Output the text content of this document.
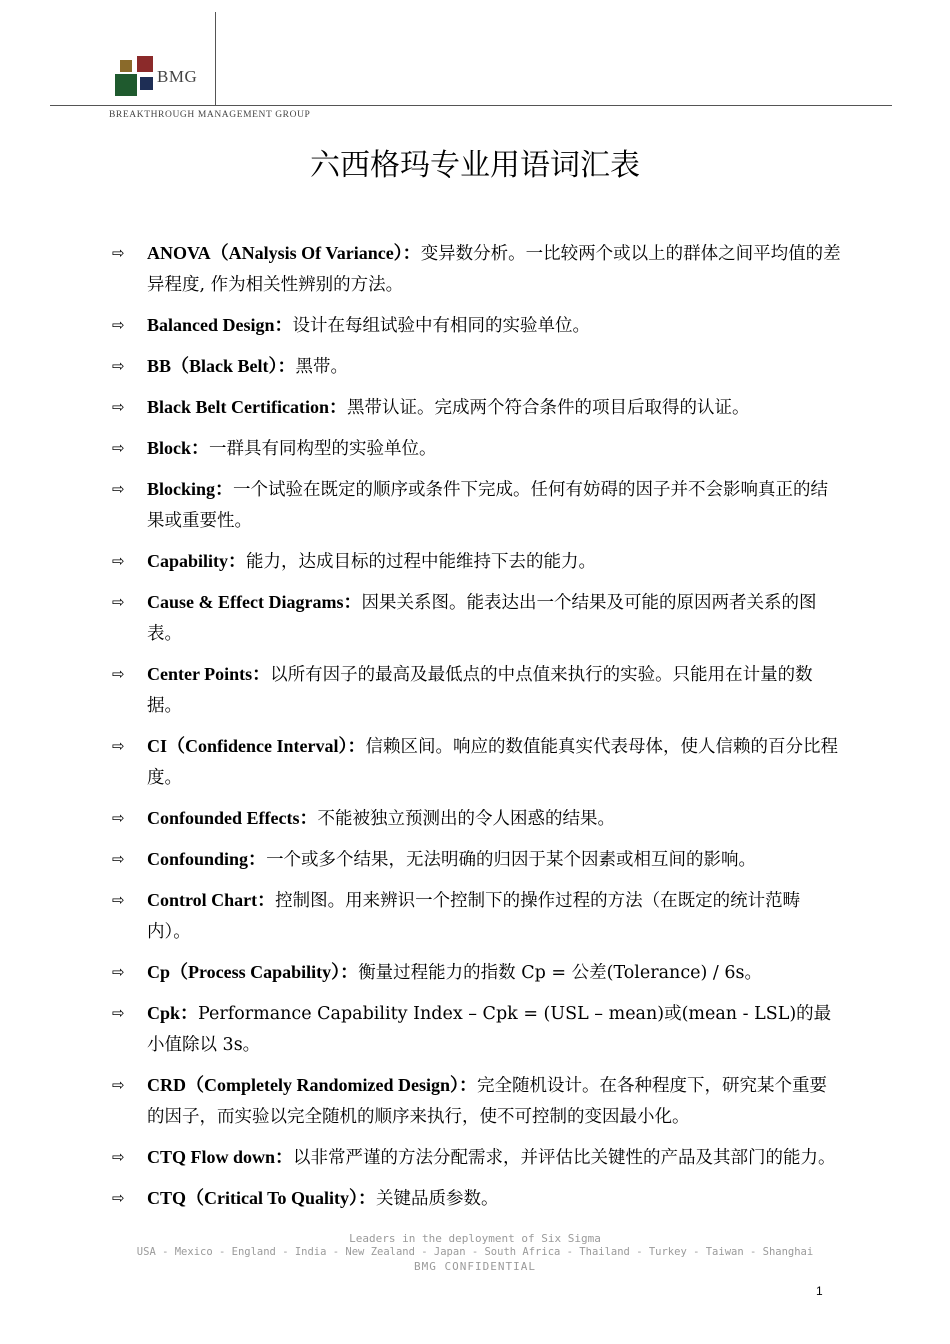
BMG
BREAKTHROUGH MANAGEMENT GROUP
六西格玛专业用语词汇表
⇨ ANOVA（ANalysis Of Variance）：变异数分析。一比较两个或以上的群体之间平均值的差异程度, 作为相关性辨别的方法。
⇨ Balanced Design：设计在每组试验中有相同的实验单位。
⇨ BB（Black Belt）：黑带。
⇨ Black Belt Certification：黑带认证。完成两个符合条件的项目后取得的认证。
⇨ Block：一群具有同构型的实验单位。
⇨ Blocking：一个试验在既定的顺序或条件下完成。任何有妨碍的因子并不会影响真正的结果或重要性。
⇨ Capability：能力，达成目标的过程中能维持下去的能力。
⇨ Cause & Effect Diagrams：因果关系图。能表达出一个结果及可能的原因两者关系的图表。
⇨ Center Points：以所有因子的最高及最低点的中点值来执行的实验。只能用在计量的数据。
⇨ CI（Confidence Interval）：信赖区间。响应的数值能真实代表母体，使人信赖的百分比程度。
⇨ Confounded Effects：不能被独立预测出的令人困惑的结果。
⇨ Confounding：一个或多个结果，无法明确的归因于某个因素或相互间的影响。
⇨ Control Chart：控制图。用来辨识一个控制下的操作过程的方法（在既定的统计范畴内）。
⇨ Cp（Process Capability）：衡量过程能力的指数 Cp = 公差(Tolerance) / 6s。
⇨ Cpk：Performance Capability Index – Cpk = (USL – mean)或(mean - LSL)的最小值除以 3s。
⇨ CRD（Completely Randomized Design）：完全随机设计。在各种程度下，研究某个重要的因子，而实验以完全随机的顺序来执行，使不可控制的变因最小化。
⇨ CTQ Flow down：以非常严谨的方法分配需求，并评估比关键性的产品及其部门的能力。
⇨ CTQ（Critical To Quality）：关键品质参数。
Leaders in the deployment of Six Sigma
USA - Mexico - England - India - New Zealand - Japan - South Africa - Thailand - Turkey - Taiwan - Shanghai
BMG CONFIDENTIAL
1
